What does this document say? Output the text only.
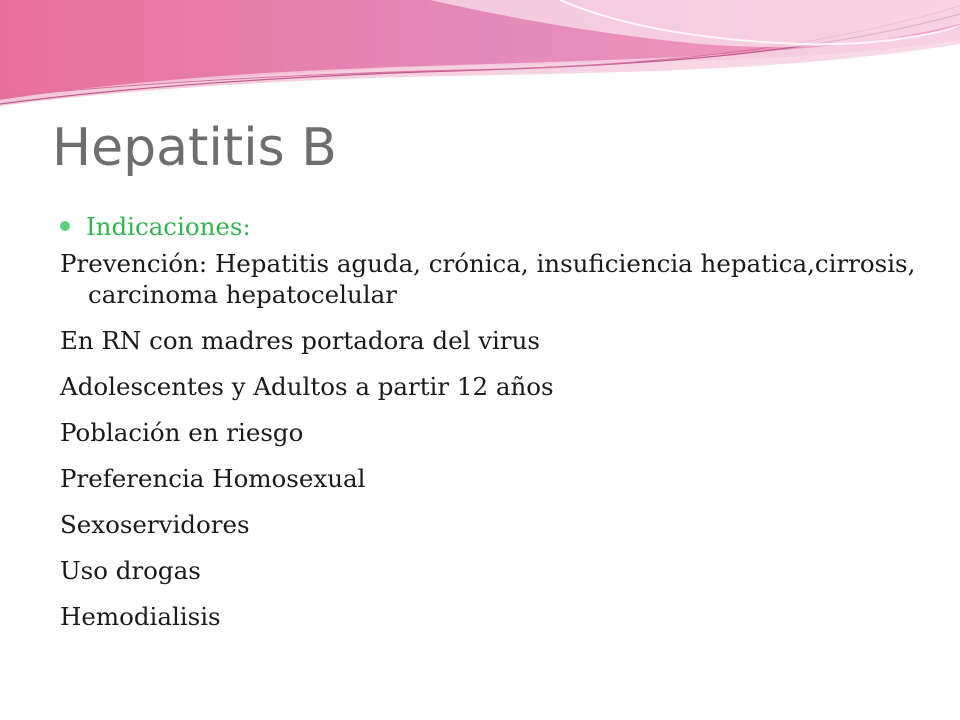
Hepatitis B
Indicaciones:

Prevención: Hepatitis aguda, crónica, insuficiencia hepatica,cirrosis, carcinoma hepatocelular

En RN con madres portadora del virus

Adolescentes y Adultos a partir 12 años

Población en riesgo

Preferencia Homosexual

Sexoservidores

Uso drogas

Hemodialisis
